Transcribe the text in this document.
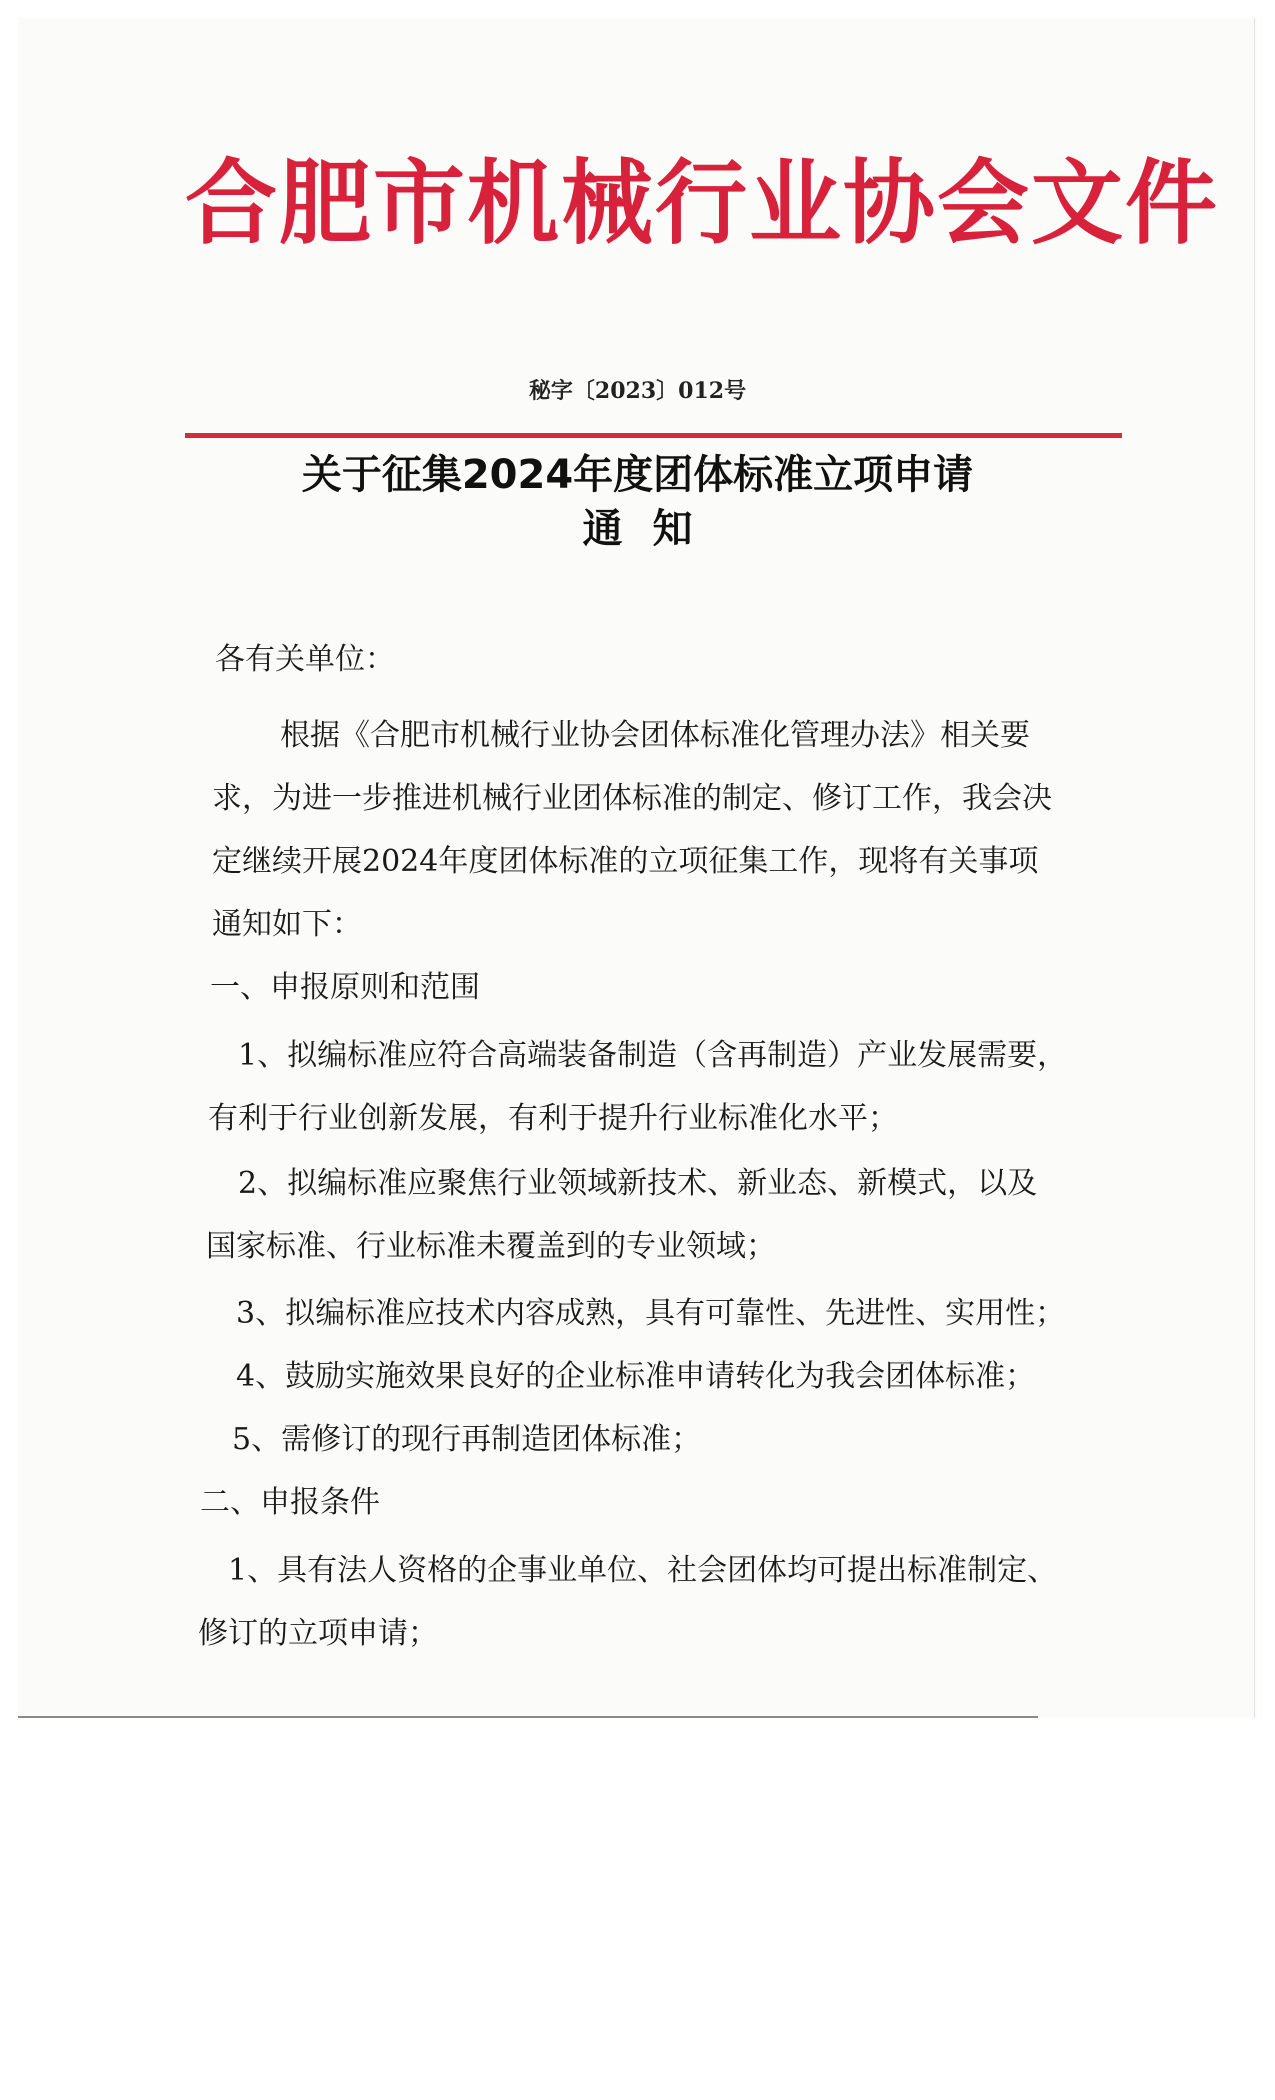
合肥市机械行业协会文件
秘字〔2023〕012号
关于征集2024年度团体标准立项申请
通知
各有关单位：
根据《合肥市机械行业协会团体标准化管理办法》相关要
求，为进一步推进机械行业团体标准的制定、修订工作，我会决
定继续开展2024年度团体标准的立项征集工作，现将有关事项
通知如下：
一、申报原则和范围
1、拟编标准应符合高端装备制造（含再制造）产业发展需要，
有利于行业创新发展，有利于提升行业标准化水平；
2、拟编标准应聚焦行业领域新技术、新业态、新模式，以及
国家标准、行业标准未覆盖到的专业领域；
3、拟编标准应技术内容成熟，具有可靠性、先进性、实用性；
4、鼓励实施效果良好的企业标准申请转化为我会团体标准；
5、需修订的现行再制造团体标准；
二、申报条件
1、具有法人资格的企事业单位、社会团体均可提出标准制定、
修订的立项申请；
